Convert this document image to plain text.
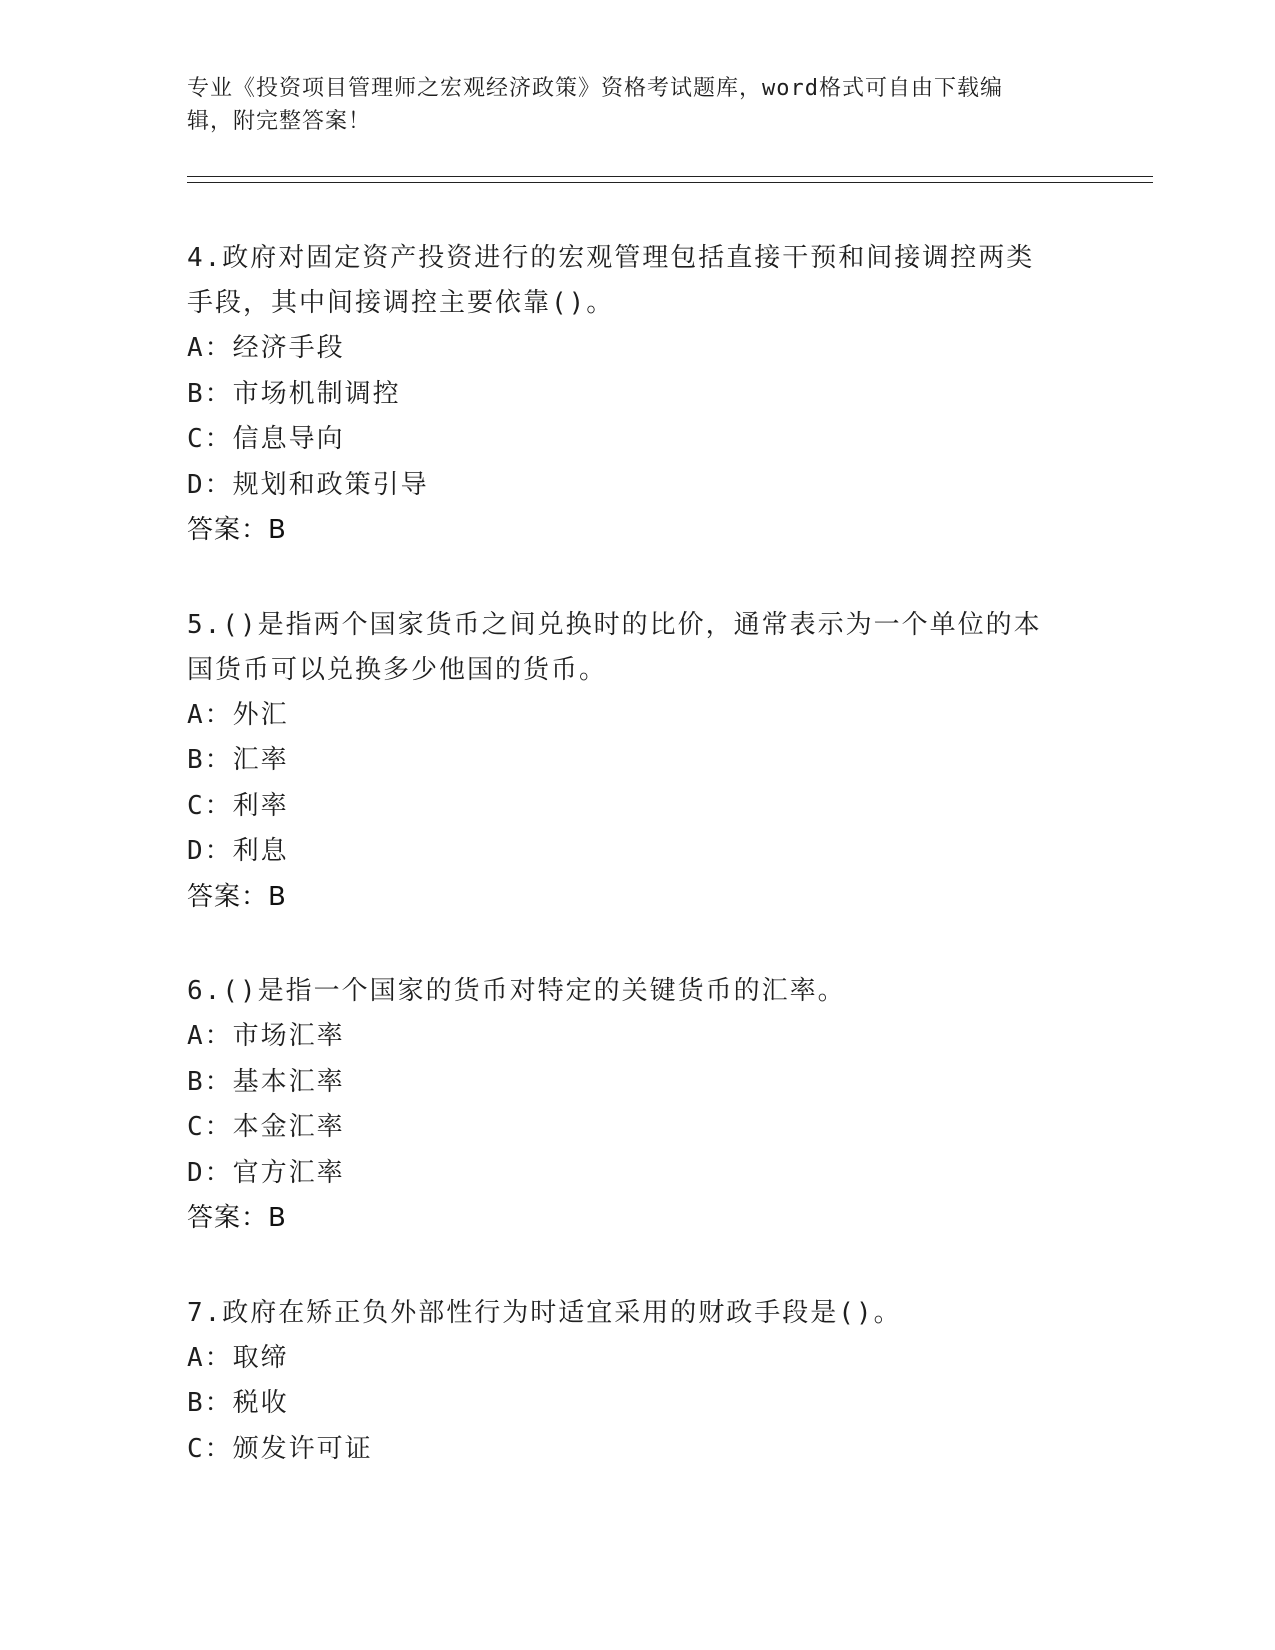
专业《投资项目管理师之宏观经济政策》资格考试题库，word格式可自由下载编
辑，附完整答案！
4.政府对固定资产投资进行的宏观管理包括直接干预和间接调控两类
手段，其中间接调控主要依靠()。
A：经济手段
B：市场机制调控
C：信息导向
D：规划和政策引导
答案：B
5.()是指两个国家货币之间兑换时的比价，通常表示为一个单位的本
国货币可以兑换多少他国的货币。
A：外汇
B：汇率
C：利率
D：利息
答案：B
6.()是指一个国家的货币对特定的关键货币的汇率。
A：市场汇率
B：基本汇率
C：本金汇率
D：官方汇率
答案：B
7.政府在矫正负外部性行为时适宜采用的财政手段是()。
A：取缔
B：税收
C：颁发许可证
